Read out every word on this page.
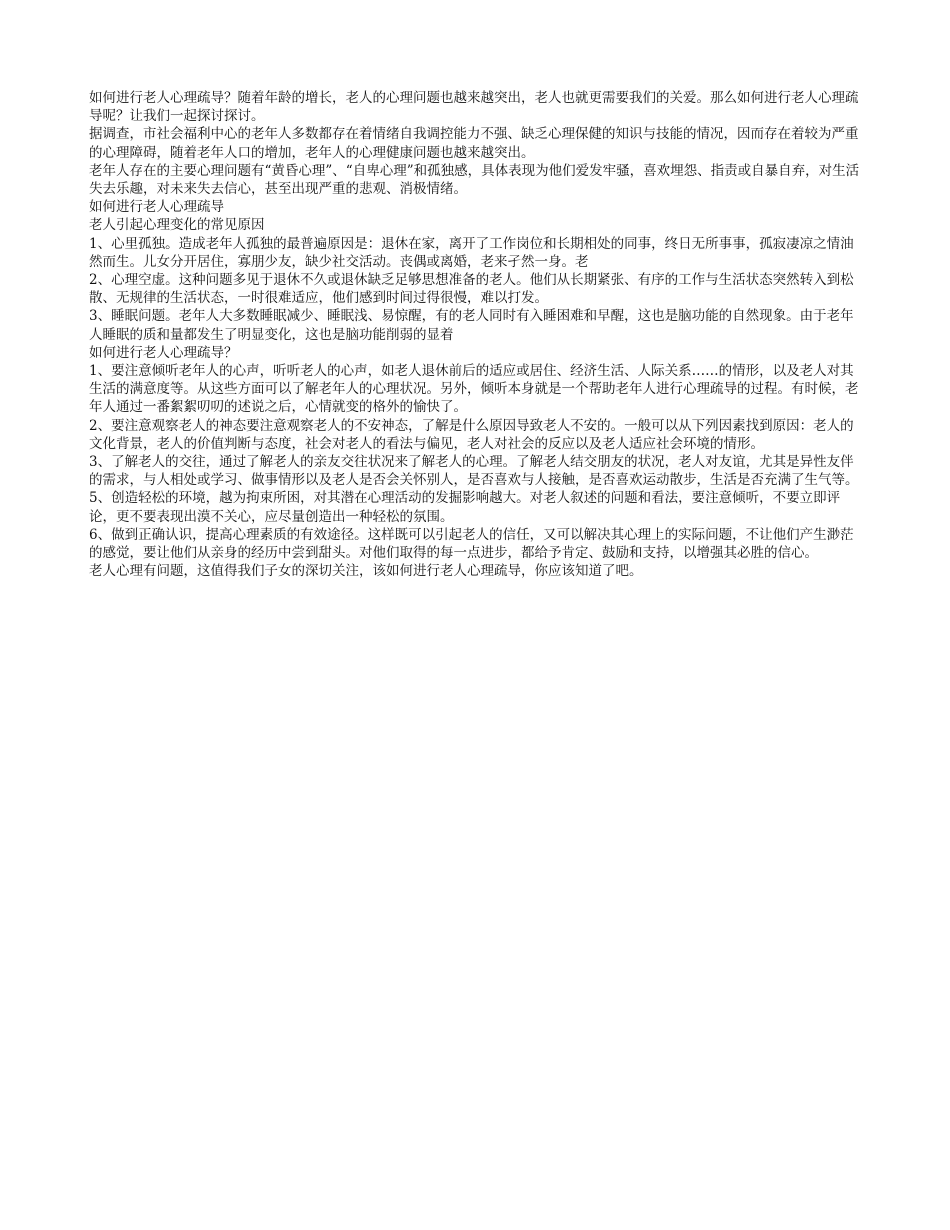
如何进行老人心理疏导？随着年龄的增长，老人的心理问题也越来越突出，老人也就更需要我们的关爱。那么如何进行老人心理疏导呢？让我们一起探讨探讨。

据调查，市社会福利中心的老年人多数都存在着情绪自我调控能力不强、缺乏心理保健的知识与技能的情况，因而存在着较为严重的心理障碍，随着老年人口的增加，老年人的心理健康问题也越来越突出。

老年人存在的主要心理问题有“黄昏心理”、“自卑心理”和孤独感，具体表现为他们爱发牢骚，喜欢埋怨、指责或自暴自弃，对生活失去乐趣，对未来失去信心，甚至出现严重的悲观、消极情绪。

如何进行老人心理疏导

老人引起心理变化的常见原因

1、心里孤独。造成老年人孤独的最普遍原因是：退休在家，离开了工作岗位和长期相处的同事，终日无所事事，孤寂凄凉之情油然而生。儿女分开居住，寡朋少友，缺少社交活动。丧偶或离婚，老来孑然一身。老

2、心理空虚。这种问题多见于退休不久或退休缺乏足够思想准备的老人。他们从长期紧张、有序的工作与生活状态突然转入到松散、无规律的生活状态，一时很难适应，他们感到时间过得很慢，难以打发。

3、睡眠问题。老年人大多数睡眠减少、睡眠浅、易惊醒，有的老人同时有入睡困难和早醒，这也是脑功能的自然现象。由于老年人睡眠的质和量都发生了明显变化，这也是脑功能削弱的显着

如何进行老人心理疏导？

1、要注意倾听老年人的心声，听听老人的心声，如老人退休前后的适应或居住、经济生活、人际关系……的情形，以及老人对其生活的满意度等。从这些方面可以了解老年人的心理状况。另外，倾听本身就是一个帮助老年人进行心理疏导的过程。有时候，老年人通过一番絮絮叨叨的述说之后，心情就变的格外的愉快了。

2、要注意观察老人的神态要注意观察老人的不安神态，了解是什么原因导致老人不安的。一般可以从下列因素找到原因：老人的文化背景，老人的价值判断与态度，社会对老人的看法与偏见，老人对社会的反应以及老人适应社会环境的情形。

3、了解老人的交往，通过了解老人的亲友交往状况来了解老人的心理。了解老人结交朋友的状况，老人对友谊，尤其是异性友伴的需求，与人相处或学习、做事情形以及老人是否会关怀别人，是否喜欢与人接触，是否喜欢运动散步，生活是否充满了生气等。

5、创造轻松的环境，越为拘束所困，对其潜在心理活动的发掘影响越大。对老人叙述的问题和看法，要注意倾听，不要立即评论，更不要表现出漠不关心，应尽量创造出一种轻松的氛围。

6、做到正确认识，提高心理素质的有效途径。这样既可以引起老人的信任，又可以解决其心理上的实际问题，不让他们产生渺茫的感觉，要让他们从亲身的经历中尝到甜头。对他们取得的每一点进步，都给予肯定、鼓励和支持，以增强其必胜的信心。

老人心理有问题，这值得我们子女的深切关注，该如何进行老人心理疏导，你应该知道了吧。
